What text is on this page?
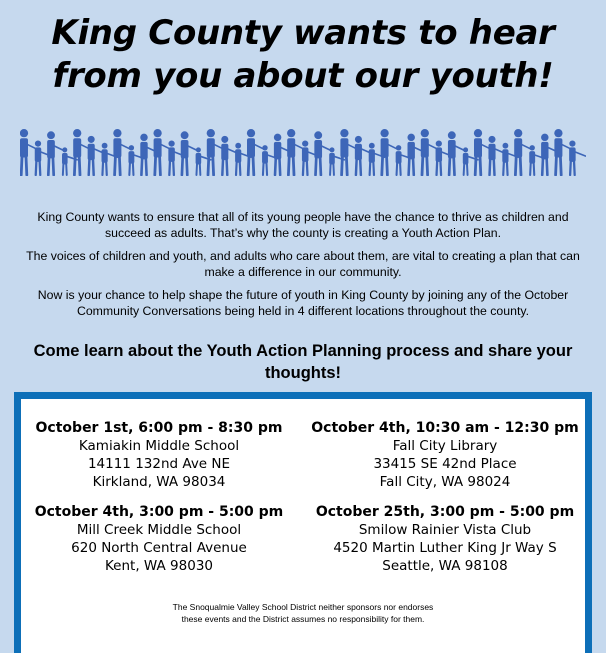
King County wants to hear
from you about our youth!

King County wants to ensure that all of its young people have the chance to thrive as children and succeed as adults. That’s why the county is creating a Youth Action Plan.

The voices of children and youth, and adults who care about them, are vital to creating a plan that can make a difference in our community.

Now is your chance to help shape the future of youth in King County by joining any of the October Community Conversations being held in 4 different locations throughout the county.

Come learn about the Youth Action Planning process and share your thoughts!
October 1st, 6:00 pm - 8:30 pm
Kamiakin Middle School
14111 132nd Ave NE
Kirkland, WA 98034
October 4th, 10:30 am - 12:30 pm
Fall City Library
33415 SE 42nd Place
Fall City, WA 98024
October 4th, 3:00 pm - 5:00 pm
Mill Creek Middle School
620 North Central Avenue
Kent, WA 98030
October 25th, 3:00 pm - 5:00 pm
Smilow Rainier Vista Club
4520 Martin Luther King Jr Way S
Seattle, WA 98108
The Snoqualmie Valley School District neither sponsors nor endorses
these events and the District assumes no responsibility for them.
